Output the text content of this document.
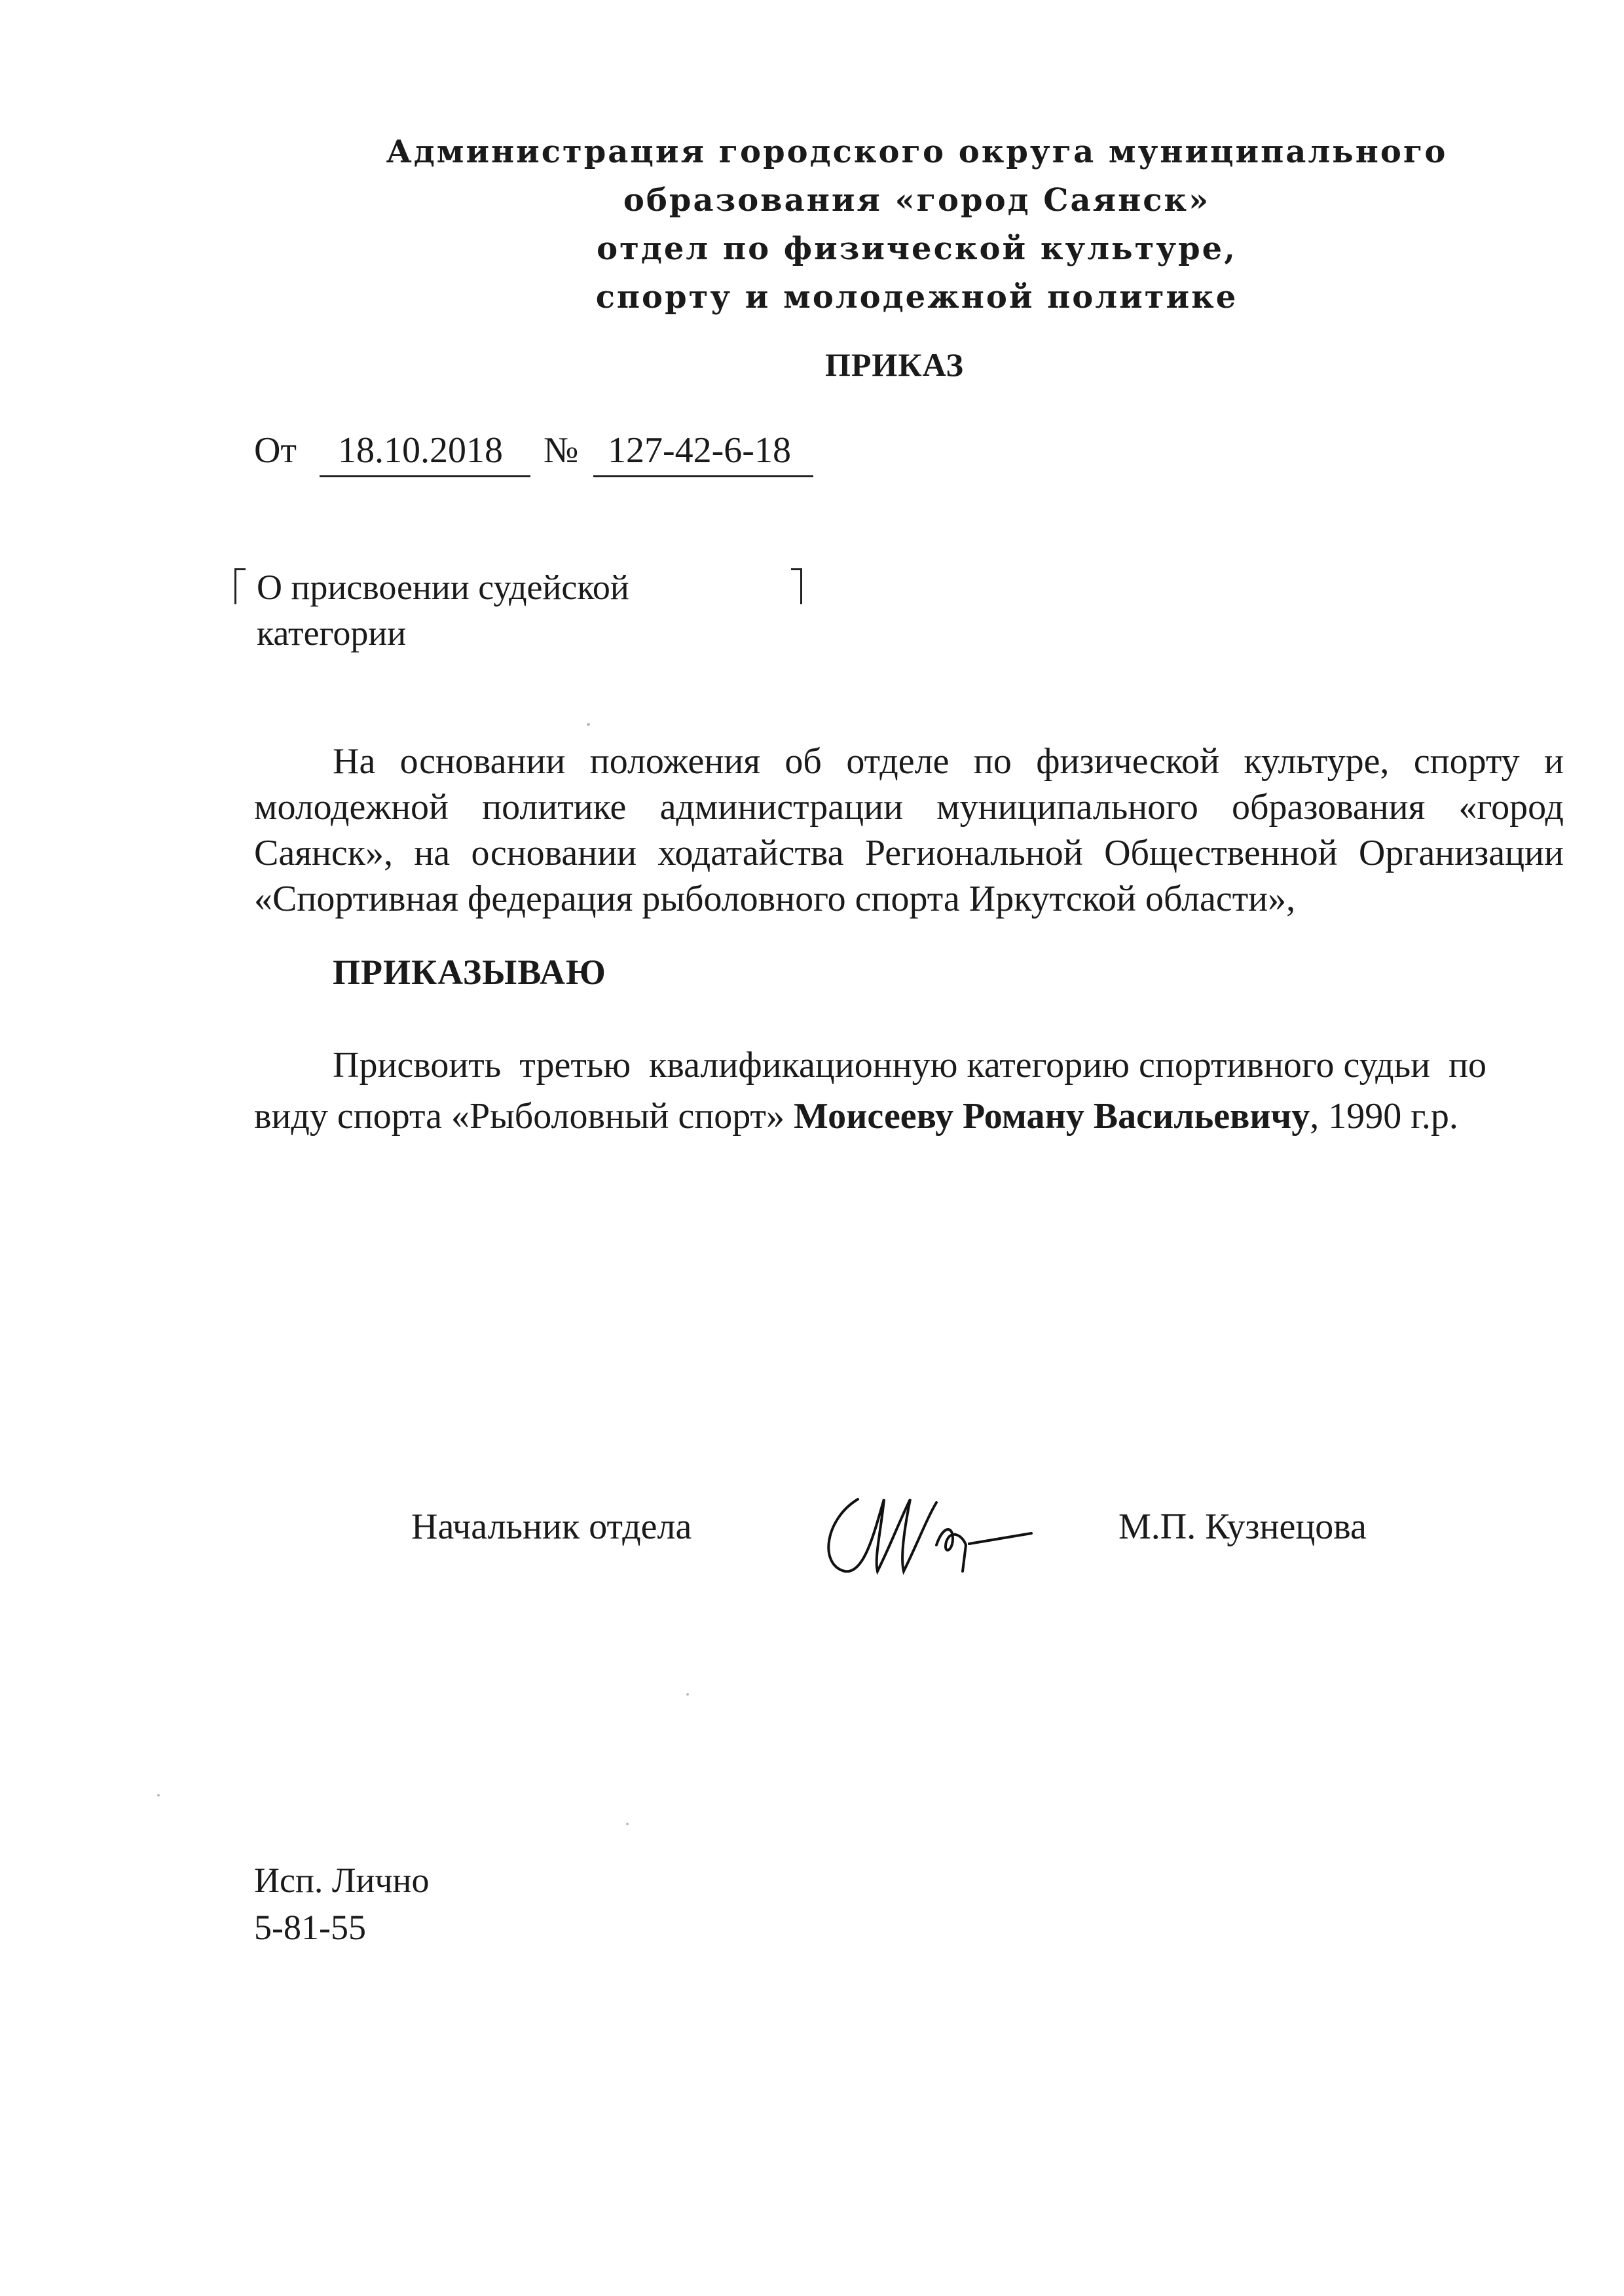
Администрация городского округа муниципального
образования «город Саянск»
отдел по физической культуре,
спорту и молодежной политике
ПРИКАЗ
От 18.10.2018 № 127-42-6-18
О присвоении судейской
категории
На основании положения об отделе по физической культуре, спорту и
молодежной политике администрации муниципального образования «город
Саянск», на основании ходатайства Региональной Общественной Организации
«Спортивная федерация рыболовного спорта Иркутской области»,
ПРИКАЗЫВАЮ
Присвоить  третью  квалификационную категорию спортивного судьи  по
виду спорта «Рыболовный спорт» Моисееву Роману Васильевичу, 1990 г.р.
Начальник отдела	М.П. Кузнецова
Исп. Лично
5-81-55
